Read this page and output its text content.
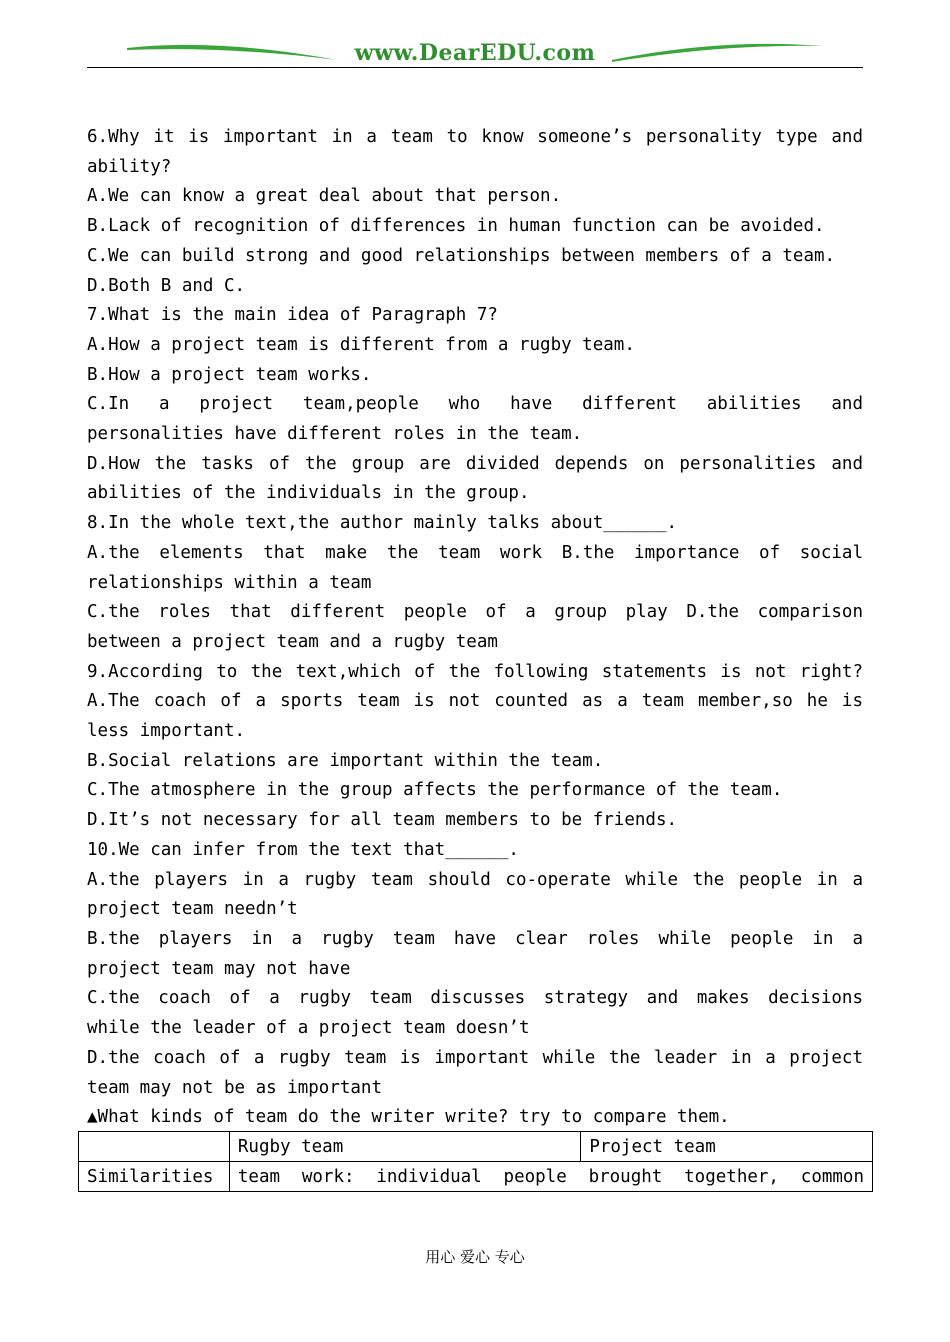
www.DearEDU.com
6.Why it is important in a team to know someone’s personality type and
ability?
A.We can know a great deal about that person.
B.Lack of recognition of differences in human function can be avoided.
C.We can build strong and good relationships between members of a team.
D.Both B and C.
7.What is the main idea of Paragraph 7?
A.How a project team is different from a rugby team.
B.How a project team works.
C.In a project team,people who have different abilities and
personalities have different roles in the team.
D.How the tasks of the group are divided depends on personalities and
abilities of the individuals in the group.
8.In the whole text,the author mainly talks about______.
A.the elements that make the team work B.the importance of social
relationships within a team
C.the roles that different people of a group play D.the comparison
between a project team and a rugby team
9.According to the text,which of the following statements is not right?
A.The coach of a sports team is not counted as a team member,so he is
less important.
B.Social relations are important within the team.
C.The atmosphere in the group affects the performance of the team.
D.It’s not necessary for all team members to be friends.
10.We can infer from the text that______.
A.the players in a rugby team should co-operate while the people in a
project team needn’t
B.the players in a rugby team have clear roles while people in a
project team may not have
C.the coach of a rugby team discusses strategy and makes decisions
while the leader of a project team doesn’t
D.the coach of a rugby team is important while the leader in a project
team may not be as important
▲What kinds of team do the writer write? try to compare them.
	Rugby team	Project team
Similarities	team work: individual people brought together, common	
用心 爱心 专心
